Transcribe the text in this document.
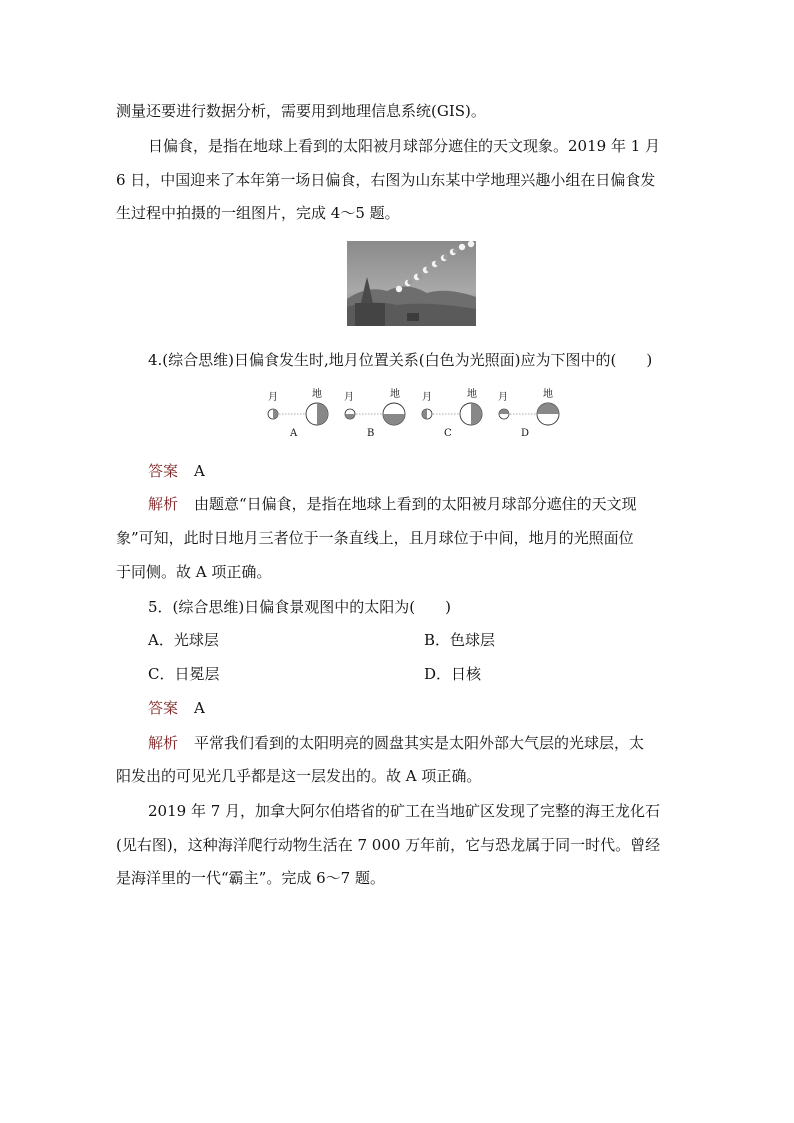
测量还要进行数据分析，需要用到地理信息系统(GIS)。
日偏食，是指在地球上看到的太阳被月球部分遮住的天文现象。2019 年 1 月
6 日，中国迎来了本年第一场日偏食，右图为山东某中学地理兴趣小组在日偏食发
生过程中拍摄的一组图片，完成 4～5 题。
4.(综合思维)日偏食发生时,地月位置关系(白色为光照面)应为下图中的(　　)
月	地
A
月	地
B
月	地
C
月	地
D
答案 A
解析 由题意“日偏食，是指在地球上看到的太阳被月球部分遮住的天文现
象”可知，此时日地月三者位于一条直线上，且月球位于中间，地月的光照面位
于同侧。故 A 项正确。
5．(综合思维)日偏食景观图中的太阳为(　　)
A．光球层	B．色球层
C．日冕层	D．日核
答案 A
解析 平常我们看到的太阳明亮的圆盘其实是太阳外部大气层的光球层，太
阳发出的可见光几乎都是这一层发出的。故 A 项正确。
2019 年 7 月，加拿大阿尔伯塔省的矿工在当地矿区发现了完整的海王龙化石
(见右图)，这种海洋爬行动物生活在 7 000 万年前，它与恐龙属于同一时代。曾经
是海洋里的一代“霸主”。完成 6～7 题。
